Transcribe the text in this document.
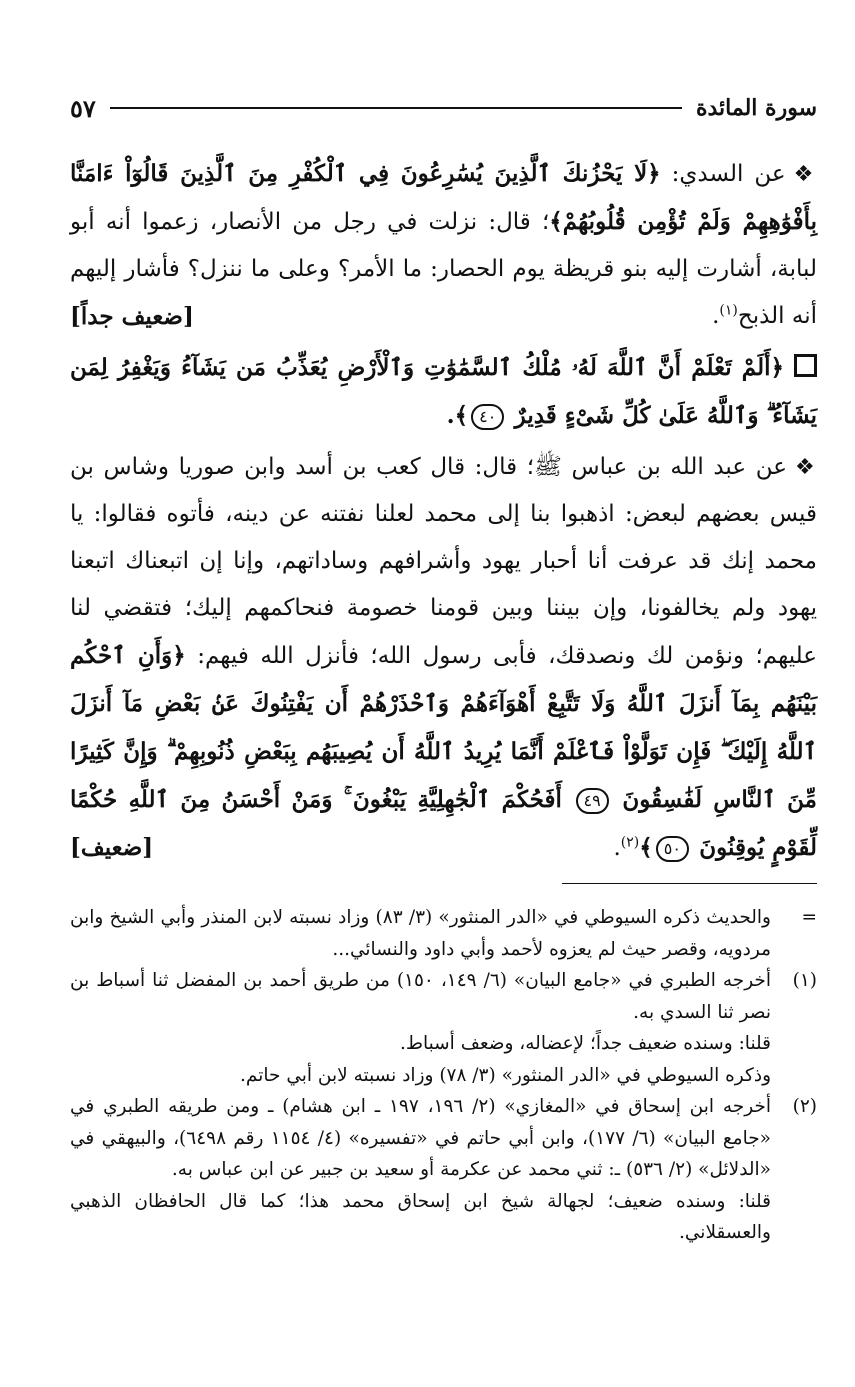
سورة المائدة
٥٧

❖عن السدي: ﴿لَا يَحْزُنكَ ٱلَّذِينَ يُسَٰرِعُونَ فِي ٱلْكُفْرِ مِنَ ٱلَّذِينَ قَالُوٓاْ ءَامَنَّا بِأَفْوَٰهِهِمْ وَلَمْ تُؤْمِن قُلُوبُهُمْ﴾؛ قال: نزلت في رجل من الأنصار، زعموا أنه أبو لبابة، أشارت إليه بنو قريظة يوم الحصار: ما الأمر؟ وعلى ما ننزل؟ فأشار إليهم أنه الذبح$^{(١)}$.
[ضعيف جداً]

﴿أَلَمْ تَعْلَمْ أَنَّ ٱللَّهَ لَهُۥ مُلْكُ ٱلسَّمَٰوَٰتِ وَٱلْأَرْضِ يُعَذِّبُ مَن يَشَآءُ وَيَغْفِرُ لِمَن يَشَآءُ ۗ وَٱللَّهُ عَلَىٰ كُلِّ شَىْءٍ قَدِيرٌ ٤٠﴾.

❖عن عبد الله بن عباس ﷺ؛ قال: قال كعب بن أسد وابن صوريا وشاس بن قيس بعضهم لبعض: اذهبوا بنا إلى محمد لعلنا نفتنه عن دينه، فأتوه فقالوا: يا محمد إنك قد عرفت أنا أحبار يهود وأشرافهم وساداتهم، وإنا إن اتبعناك اتبعنا يهود ولم يخالفونا، وإن بيننا وبين قومنا خصومة فنحاكمهم إليك؛ فتقضي لنا عليهم؛ ونؤمن لك ونصدقك، فأبى رسول الله؛ فأنزل الله فيهم: ﴿وَأَنِ ٱحْكُم بَيْنَهُم بِمَآ أَنزَلَ ٱللَّهُ وَلَا تَتَّبِعْ أَهْوَآءَهُمْ وَٱحْذَرْهُمْ أَن يَفْتِنُوكَ عَنۢ بَعْضِ مَآ أَنزَلَ ٱللَّهُ إِلَيْكَ ۖ فَإِن تَوَلَّوْاْ فَٱعْلَمْ أَنَّمَا يُرِيدُ ٱللَّهُ أَن يُصِيبَهُم بِبَعْضِ ذُنُوبِهِمْ ۗ وَإِنَّ كَثِيرًا مِّنَ ٱلنَّاسِ لَفَٰسِقُونَ ٤٩ أَفَحُكْمَ ٱلْجَٰهِلِيَّةِ يَبْغُونَ ۚ وَمَنْ أَحْسَنُ مِنَ ٱللَّهِ حُكْمًا لِّقَوْمٍ يُوقِنُونَ ٥٠﴾$^{(٢)}$.
[ضعيف]

=
والحديث ذكره السيوطي في «الدر المنثور» (٣/ ٨٣) وزاد نسبته لابن المنذر وأبي الشيخ وابن مردويه، وقصر حيث لم يعزوه لأحمد وأبي داود والنسائي...
(١)
أخرجه الطبري في «جامع البيان» (٦/ ١٤٩، ١٥٠) من طريق أحمد بن المفضل ثنا أسباط بن نصر ثنا السدي به.
قلنا: وسنده ضعيف جداً؛ لإعضاله، وضعف أسباط.
وذكره السيوطي في «الدر المنثور» (٣/ ٧٨) وزاد نسبته لابن أبي حاتم.
(٢)
أخرجه ابن إسحاق في «المغازي» (٢/ ١٩٦، ١٩٧ ـ ابن هشام) ـ ومن طريقه الطبري في «جامع البيان» (٦/ ١٧٧)، وابن أبي حاتم في «تفسيره» (٤/ ١١٥٤ رقم ٦٤٩٨)، والبيهقي في «الدلائل» (٢/ ٥٣٦) ـ: ثني محمد عن عكرمة أو سعيد بن جبير عن ابن عباس به.
قلنا: وسنده ضعيف؛ لجهالة شيخ ابن إسحاق محمد هذا؛ كما قال الحافظان الذهبي والعسقلاني.
